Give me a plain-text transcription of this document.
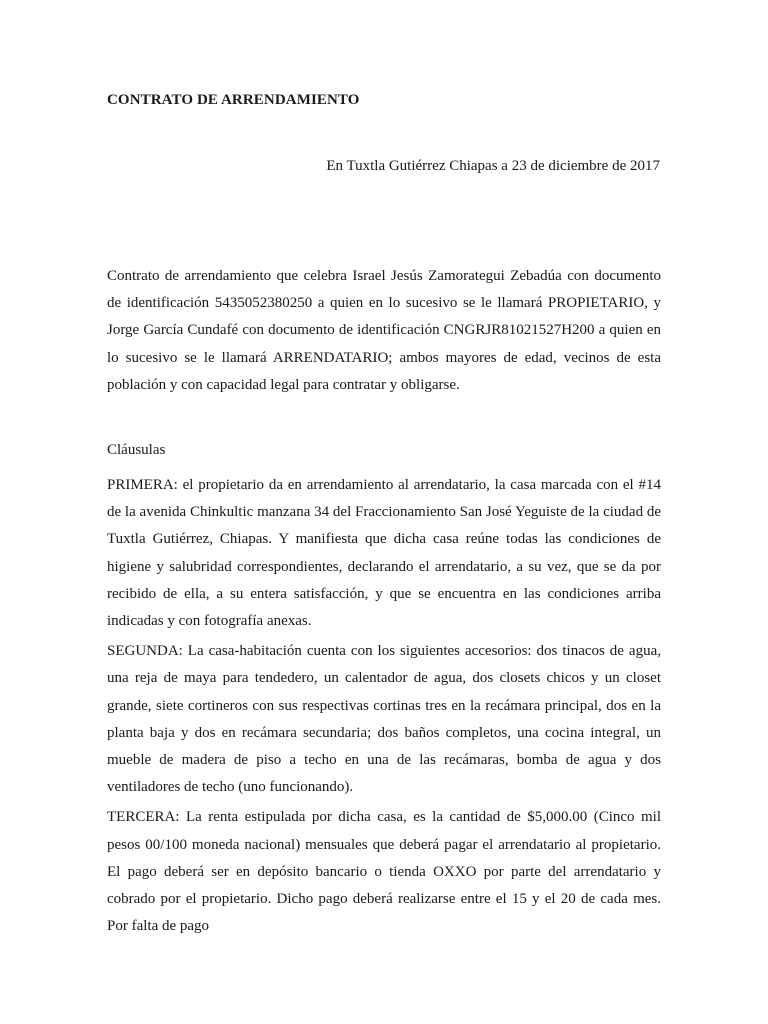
CONTRATO DE ARRENDAMIENTO
En Tuxtla Gutiérrez Chiapas a 23 de diciembre de 2017

Contrato de arrendamiento que celebra Israel Jesús Zamorategui Zebadúa con documento de identificación 5435052380250 a quien en lo sucesivo se le llamará PROPIETARIO, y Jorge García Cundafé con documento de identificación CNGRJR81021527H200 a quien en lo sucesivo se le llamará ARRENDATARIO; ambos mayores de edad, vecinos de esta población y con capacidad legal para contratar y obligarse.

Cláusulas

PRIMERA: el propietario da en arrendamiento al arrendatario, la casa marcada con el #14 de la avenida Chinkultic manzana 34 del Fraccionamiento San José Yeguiste de la ciudad de Tuxtla Gutiérrez, Chiapas. Y manifiesta que dicha casa reúne todas las condiciones de higiene y salubridad correspondientes, declarando el arrendatario, a su vez, que se da por recibido de ella, a su entera satisfacción, y que se encuentra en las condiciones arriba indicadas y con fotografía anexas.

SEGUNDA: La casa-habitación cuenta con los siguientes accesorios: dos tinacos de agua, una reja de maya para tendedero, un calentador de agua, dos closets chicos y un closet grande, siete cortineros con sus respectivas cortinas tres en la recámara principal, dos en la planta baja y dos en recámara secundaria; dos baños completos, una cocina integral, un mueble de madera de piso a techo en una de las recámaras, bomba de agua y dos ventiladores de techo (uno funcionando).

TERCERA: La renta estipulada por dicha casa, es la cantidad de $5,000.00 (Cinco mil pesos 00/100 moneda nacional) mensuales que deberá pagar el arrendatario al propietario. El pago deberá ser en depósito bancario o tienda OXXO por parte del arrendatario y cobrado por el propietario. Dicho pago deberá realizarse entre el 15 y el 20 de cada mes. Por falta de pago
